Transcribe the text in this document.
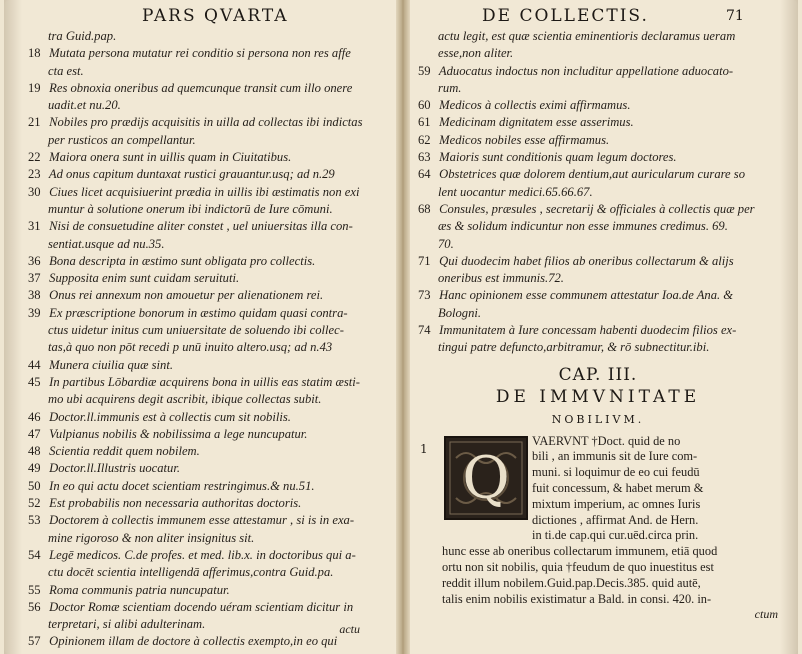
PARS QVARTA	DE COLLECTIS.	71
tra Guid.pap.
18 Mutata persona mutatur rei conditio si persona non res affe
cta est.
19 Res obnoxia oneribus ad quemcunque transit cum illo onere
uadit.et nu.20.
21 Nobiles pro prædijs acquisitis in uilla ad collectas ibi indictas
per rusticos an compellantur.
22 Maiora onera sunt in uillis quam in Ciuitatibus.
23 Ad onus capitum duntaxat rustici grauantur.usq; ad n.29
30 Ciues licet acquisiuerint prædia in uillis ibi æstimatis non exi
muntur à solutione onerum ibi indictorū de Iure cōmuni.
31 Nisi de consuetudine aliter constet , uel uniuersitas illa con-
sentiat.usque ad nu.35.
36 Bona descripta in æstimo sunt obligata pro collectis.
37 Supposita enim sunt cuidam seruituti.
38 Onus rei annexum non amouetur per alienationem rei.
39 Ex præscriptione bonorum in æstimo quidam quasi contra-
ctus uidetur initus cum uniuersitate de soluendo ibi collec-
tas,à quo non pōt recedi p unū inuito altero.usq; ad n.43
44 Munera ciuilia quæ sint.
45 In partibus Lōbardiæ acquirens bona in uillis eas statim æsti-
mo ubi acquirens degit ascribit, ibique collectas subit.
46 Doctor.ll.immunis est à collectis cum sit nobilis.
47 Vulpianus nobilis & nobilissima a lege nuncupatur.
48 Scientia reddit quem nobilem.
49 Doctor.ll.Illustris uocatur.
50 In eo qui actu docet scientiam restringimus.& nu.51.
52 Est probabilis non necessaria authoritas doctoris.
53 Doctorem à collectis immunem esse attestamur , si is in exa-
mine rigoroso & non aliter insignitus sit.
54 Legē medicos. C.de profes. et med. lib.x. in doctoribus qui a-
ctu docēt scientia intelligendā afferimus,contra Guid.pa.
55 Roma communis patria nuncupatur.
56 Doctor Romæ scientiam docendo uéram scientiam dicitur in
terpretari, si alibi adulterinam.
57 Opinionem illam de doctore à collectis exempto,in eo qui
actu
actu legit, est quæ scientia eminentioris declaramus ueram
esse,non aliter.
59 Aduocatus indoctus non includitur appellatione aduocato-
rum.
60 Medicos à collectis eximi affirmamus.
61 Medicinam dignitatem esse asserimus.
62 Medicos nobiles esse affirmamus.
63 Maioris sunt conditionis quam legum doctores.
64 Obstetrices quæ dolorem dentium,aut auricularum curare so
lent uocantur medici.65.66.67.
68 Consules, præsules , secretarij & officiales à collectis quæ per
æs & solidum indicuntur non esse immunes credimus. 69.
70.
71 Qui duodecim habet filios ab oneribus collectarum & alijs
oneribus est immunis.72.
73 Hanc opinionem esse communem attestatur Ioa.de Ana. &
Bologni.
74 Immunitatem à Iure concessam habenti duodecim filios ex-
tingui patre defuncto,arbitramur, & rō subnectitur.ibi.
CAP. III.
DE IMMVNITATE
NOBILIVM.
1 Q
VAERVNT †Doct. quid de no
bili , an immunis sit de Iure com-
muni. si loquimur de eo cui feudū
fuit concessum, & habet merum &
mixtum imperium, ac omnes Iuris
dictiones , affirmat And. de Hern.
in ti.de cap.qui cur.uēd.circa prin.
hunc esse ab oneribus collectarum immunem, etiā quod
ortu non sit nobilis, quia †feudum de quo inuestitus est
reddit illum nobilem.Guid.pap.Decis.385. quid autē,
talis enim nobilis existimatur a Bald. in consi. 420. in-
ctum
